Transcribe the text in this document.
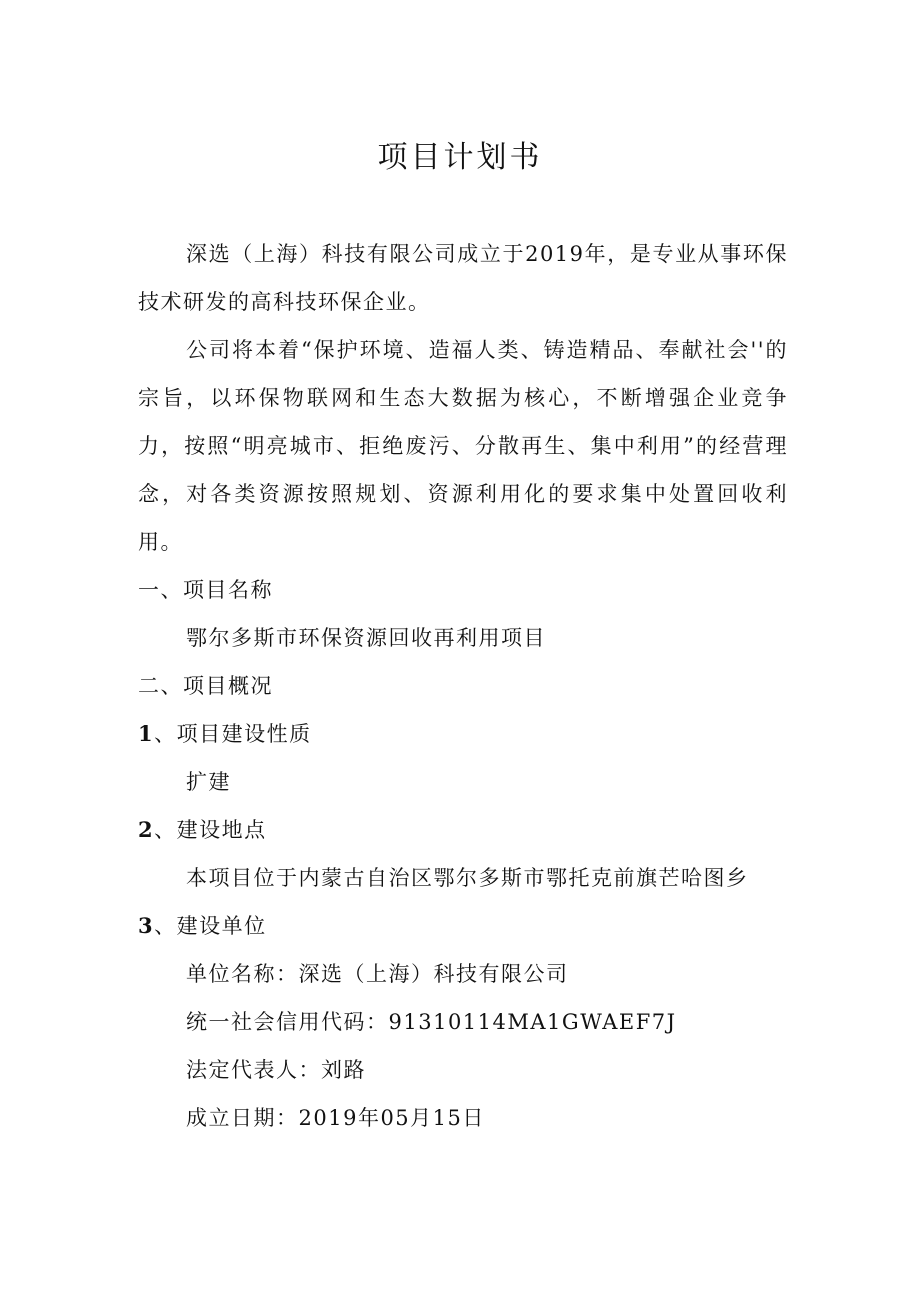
项目计划书
深选（上海）科技有限公司成立于2019年，是专业从事环保技术研发的高科技环保企业。
公司将本着“保护环境、造福人类、铸造精品、奉献社会''的宗旨，以环保物联网和生态大数据为核心，不断增强企业竞争力，按照“明亮城市、拒绝废污、分散再生、集中利用”的经营理念，对各类资源按照规划、资源利用化的要求集中处置回收利用。
一、项目名称
鄂尔多斯市环保资源回收再利用项目
二、项目概况
1、项目建设性质
扩建
2、建设地点
本项目位于内蒙古自治区鄂尔多斯市鄂托克前旗芒哈图乡
3、建设单位
单位名称：深选（上海）科技有限公司
统一社会信用代码：91310114MA1GWAEF7J
法定代表人：刘路
成立日期：2019年05月15日
